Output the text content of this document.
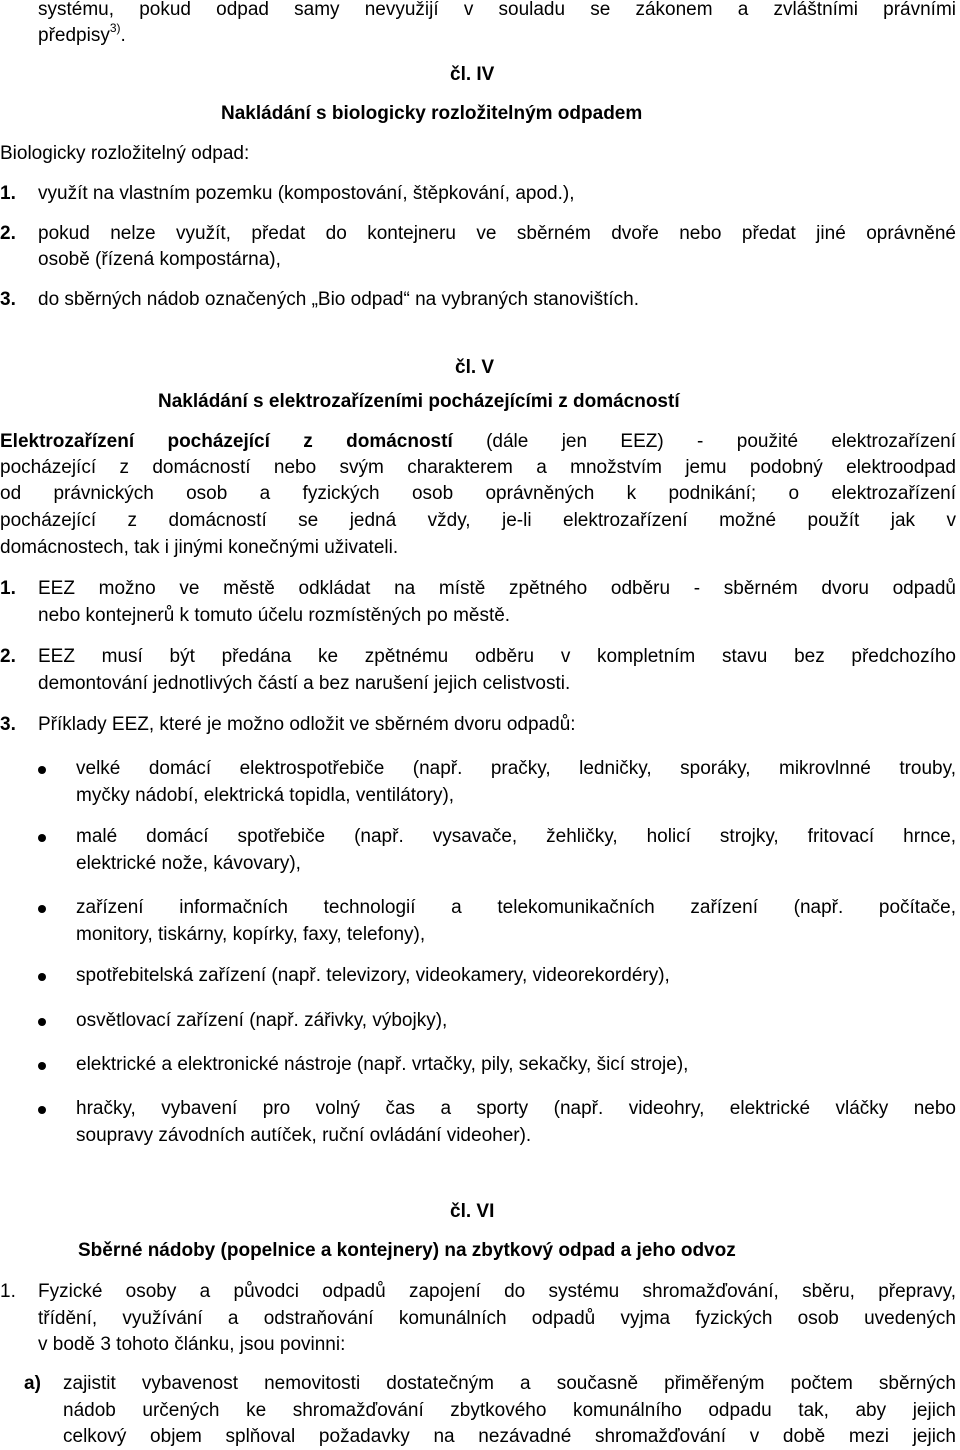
systému, pokud odpad samy nevyužijí v souladu se zákonem a zvláštními právními
předpisy$^{3)}$.
čl. IV
Nakládání s biologicky rozložitelným odpadem
Biologicky rozložitelný odpad:
1. využít na vlastním pozemku (kompostování, štěpkování, apod.),
2. pokud nelze využít, předat do kontejneru ve sběrném dvoře nebo předat jiné oprávněné
osobě (řízená kompostárna),
3. do sběrných nádob označených „Bio odpad“ na vybraných stanovištích.
čl. V
Nakládání s elektrozařízeními pocházejícími z domácností
Elektrozařízení pocházející z domácností (dále jen EEZ) - použité elektrozařízení
pocházející z domácností nebo svým charakterem a množstvím jemu podobný elektroodpad
od právnických osob a fyzických osob oprávněných k podnikání; o elektrozařízení
pocházející z domácností se jedná vždy, je-li elektrozařízení možné použít jak v
domácnostech, tak i jinými konečnými uživateli.
1. EEZ možno ve městě odkládat na místě zpětného odběru - sběrném dvoru odpadů
nebo kontejnerů k tomuto účelu rozmístěných po městě.
2. EEZ musí být předána ke zpětnému odběru v kompletním stavu bez předchozího
demontování jednotlivých částí a bez narušení jejich celistvosti.
3. Příklady EEZ, které je možno odložit ve sběrném dvoru odpadů:
velké domácí elektrospotřebiče (např. pračky, ledničky, sporáky, mikrovlnné trouby,
myčky nádobí, elektrická topidla, ventilátory),
malé domácí spotřebiče (např. vysavače, žehličky, holicí strojky, fritovací hrnce,
elektrické nože, kávovary),
zařízení informačních technologií a telekomunikačních zařízení (např. počítače,
monitory, tiskárny, kopírky, faxy, telefony),
spotřebitelská zařízení (např. televizory, videokamery, videorekordéry),
osvětlovací zařízení (např. zářivky, výbojky),
elektrické a elektronické nástroje (např. vrtačky, pily, sekačky, šicí stroje),
hračky, vybavení pro volný čas a sporty (např. videohry, elektrické vláčky nebo
soupravy závodních autíček, ruční ovládání videoher).
čl. VI
Sběrné nádoby (popelnice a kontejnery) na zbytkový odpad a jeho odvoz
1. Fyzické osoby a původci odpadů zapojení do systému shromažďování, sběru, přepravy,
třídění, využívání a odstraňování komunálních odpadů vyjma fyzických osob uvedených
v bodě 3 tohoto článku, jsou povinni:
a) zajistit vybavenost nemovitosti dostatečným a současně přiměřeným počtem sběrných
nádob určených ke shromažďování zbytkového komunálního odpadu tak, aby jejich
celkový objem splňoval požadavky na nezávadné shromažďování v době mezi jejich
